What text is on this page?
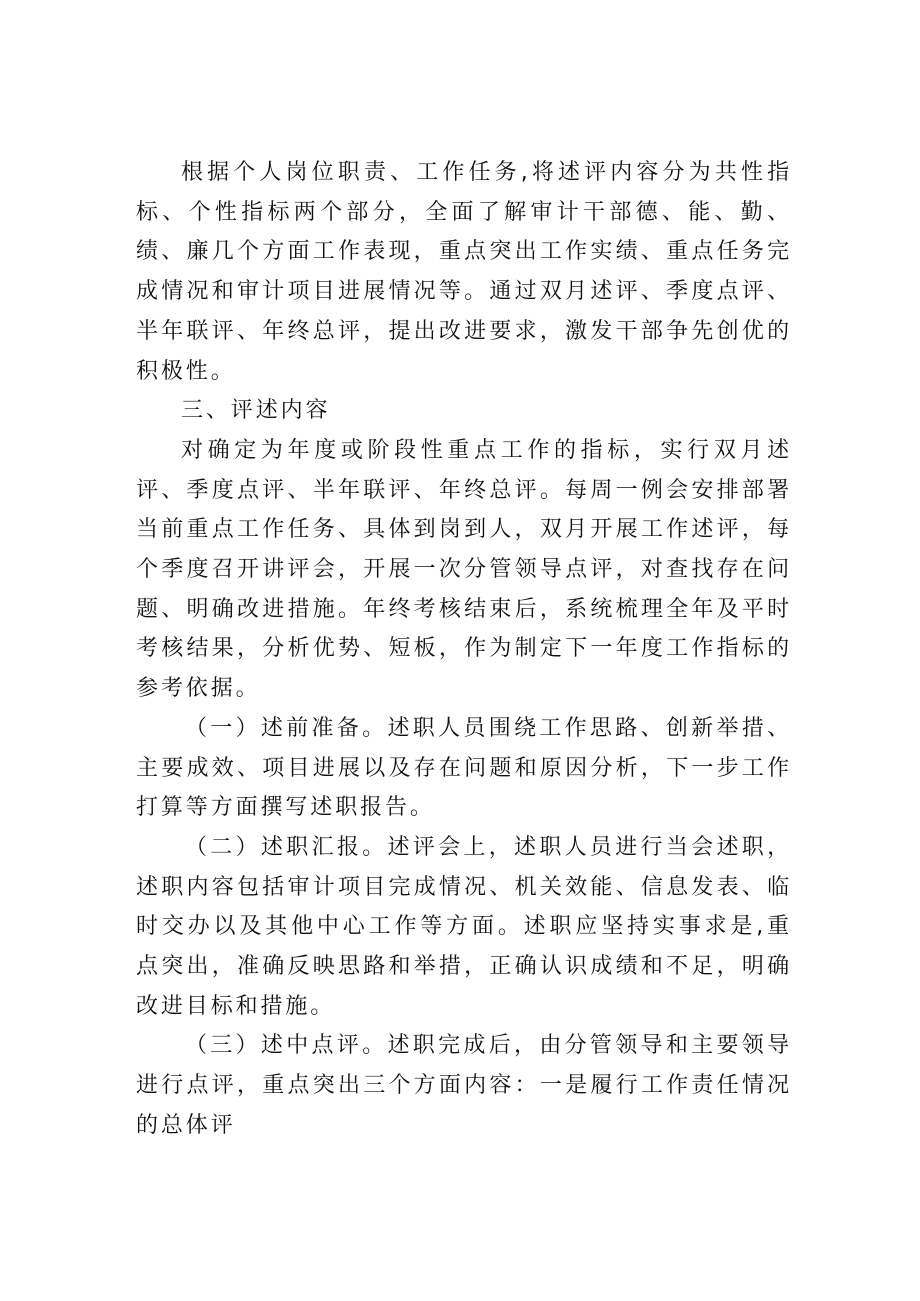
根据个人岗位职责、工作任务,将述评内容分为共性指标、个性指标两个部分，全面了解审计干部德、能、勤、绩、廉几个方面工作表现，重点突出工作实绩、重点任务完成情况和审计项目进展情况等。通过双月述评、季度点评、半年联评、年终总评，提出改进要求，激发干部争先创优的积极性。

三、评述内容

对确定为年度或阶段性重点工作的指标，实行双月述评、季度点评、半年联评、年终总评。每周一例会安排部署当前重点工作任务、具体到岗到人，双月开展工作述评，每个季度召开讲评会，开展一次分管领导点评，对查找存在问题、明确改进措施。年终考核结束后，系统梳理全年及平时考核结果，分析优势、短板，作为制定下一年度工作指标的参考依据。

（一）述前准备。述职人员围绕工作思路、创新举措、主要成效、项目进展以及存在问题和原因分析，下一步工作打算等方面撰写述职报告。

（二）述职汇报。述评会上，述职人员进行当会述职，述职内容包括审计项目完成情况、机关效能、信息发表、临时交办以及其他中心工作等方面。述职应坚持实事求是,重点突出，准确反映思路和举措，正确认识成绩和不足，明确改进目标和措施。

（三）述中点评。述职完成后，由分管领导和主要领导进行点评，重点突出三个方面内容：一是履行工作责任情况的总体评
